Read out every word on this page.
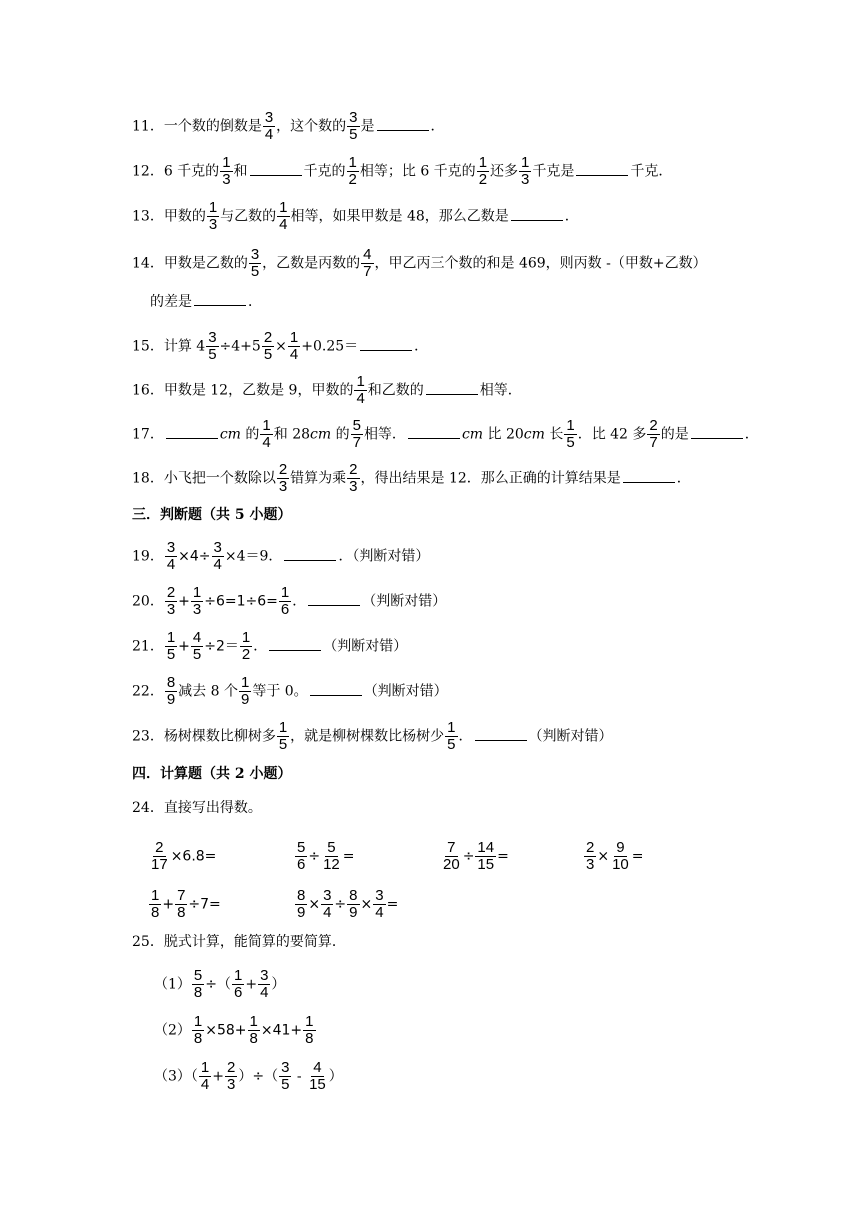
11．一个数的倒数是 $\frac{3}{4}$ ，这个数的 $\frac{3}{5}$ 是	．
12．6 千克的 $\frac{1}{3}$ 和	千克的 $\frac{1}{2}$ 相等；比 6 千克的 $\frac{1}{2}$ 还多 $\frac{1}{3}$ 千克是	千克．
13．甲数的 $\frac{1}{3}$ 与乙数的 $\frac{1}{4}$ 相等，如果甲数是 48，那么乙数是	．
14．甲数是乙数的 $\frac{3}{5}$ ，乙数是丙数的 $\frac{4}{7}$ ，甲乙丙三个数的和是 469，则丙数 -（甲数+乙数）
的差是	．
15．计算 $4 \frac{3}{5} \div 4+5 \frac{2}{5} \times \frac{1}{4} +0.25=$	．
16．甲数是 12，乙数是 9，甲数的 $\frac{1}{4}$ 和乙数的	相等．
17．	cm 的 $\frac{1}{4}$ 和 28cm 的 $\frac{5}{7}$ 相等．	cm 比 20cm 长 $\frac{1}{5}$ ．比 42 多 $\frac{2}{7}$ 的是	．
18．小飞把一个数除以 $\frac{2}{3}$ 错算为乘 $\frac{2}{3}$ ，得出结果是 12．那么正确的计算结果是	．
三．判断题（共 5 小题）
19． $\frac{3}{4} \times 4\div \frac{3}{4} \times 4=9$．	．（判断对错）
20． $\frac{2}{3} + \frac{1}{3} \div 6=1\div 6= \frac{1}{6}$ ．	（判断对错）
21． $\frac{1}{5} + \frac{4}{5} \div 2= \frac{1}{2}$ ．	（判断对错）
22． $\frac{8}{9}$ 减去 8 个 $\frac{1}{9}$ 等于 0。	（判断对错）
23．杨树棵数比柳树多 $\frac{1}{5}$ ，就是柳树棵数比杨树少 $\frac{1}{5}$ ．	（判断对错）
四．计算题（共 2 小题）
24．直接写出得数。
$\frac{2}{17} \times 6.8=$	$\frac{5}{6} \div \frac{5}{12}$ =	$\frac{7}{20} \div \frac{14}{15}$ =	$\frac{2}{3} \times \frac{9}{10}$ =
$\frac{1}{8} + \frac{7}{8} \div 7=$	$\frac{8}{9} \times \frac{3}{4} \div \frac{8}{9} \times \frac{3}{4}$ =
25．脱式计算，能简算的要简算．
$(1) \frac{5}{8}$ ÷（ $\frac{1}{6} + \frac{3}{4}$ ）
$(2) \frac{1}{8} \times 58+ \frac{1}{8} \times 41+ \frac{1}{8}$
$(3)( \frac{1}{4} + \frac{2}{3}$ ）÷（ $\frac{3}{5} - \frac{4}{15}$ ）
